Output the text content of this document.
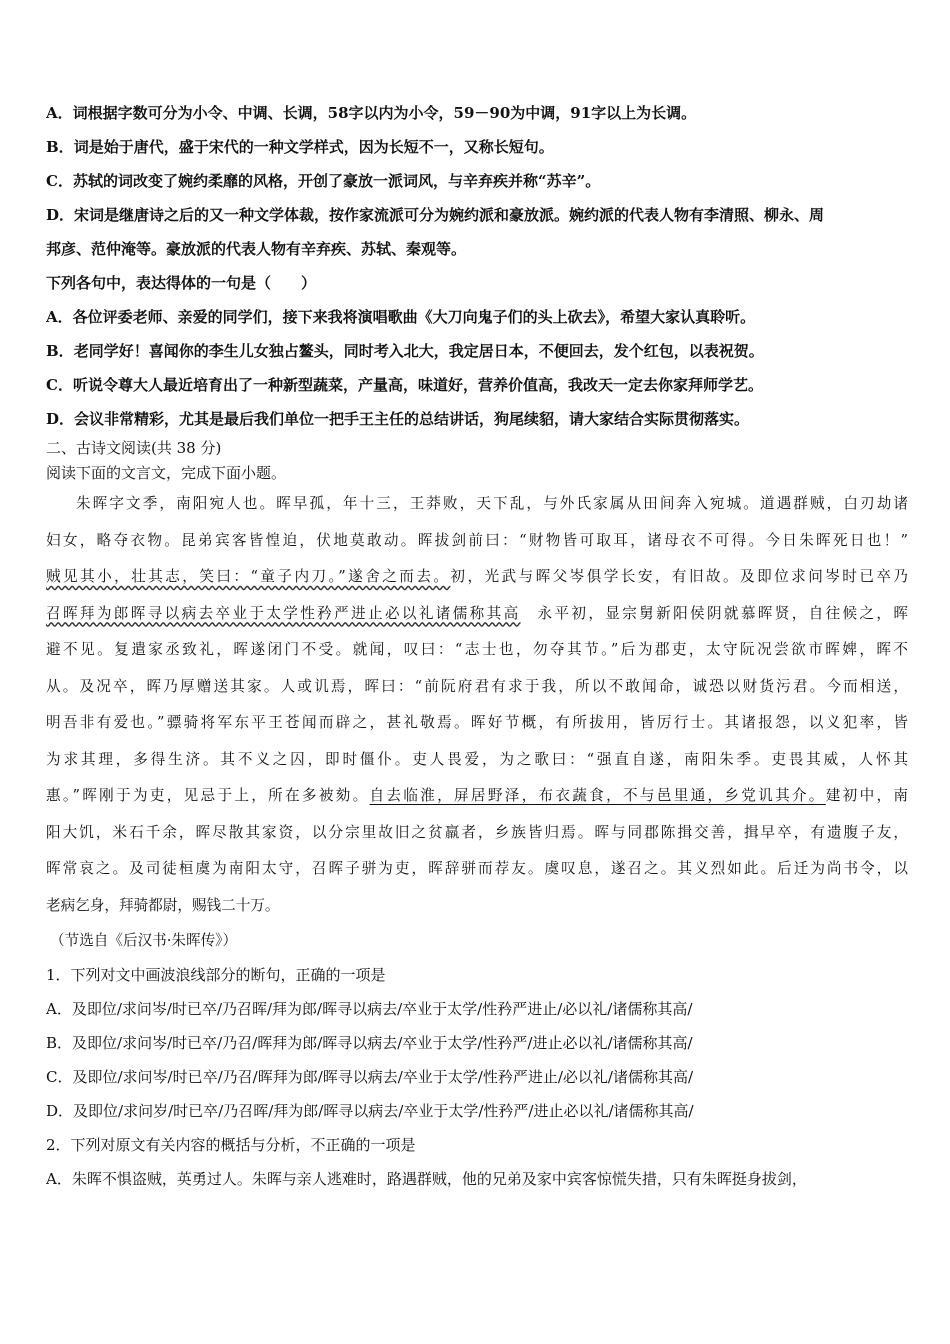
A．词根据字数可分为小令、中调、长调，58字以内为小令，59－90为中调，91字以上为长调。
B．词是始于唐代，盛于宋代的一种文学样式，因为长短不一，又称长短句。
C．苏轼的词改变了婉约柔靡的风格，开创了豪放一派词风，与辛弃疾并称“苏辛”。
D．宋词是继唐诗之后的又一种文学体裁，按作家流派可分为婉约派和豪放派。婉约派的代表人物有李清照、柳永、周
邦彦、范仲淹等。豪放派的代表人物有辛弃疾、苏轼、秦观等。
下列各句中，表达得体的一句是（　　）
A．各位评委老师、亲爱的同学们，接下来我将演唱歌曲《大刀向鬼子们的头上砍去》，希望大家认真聆听。
B．老同学好！喜闻你的李生儿女独占鳌头，同时考入北大，我定居日本，不便回去，发个红包，以表祝贺。
C．听说令尊大人最近培育出了一种新型蔬菜，产量高，味道好，营养价值高，我改天一定去你家拜师学艺。
D．会议非常精彩，尤其是最后我们单位一把手王主任的总结讲话，狗尾续貂，请大家结合实际贯彻落实。
二、古诗文阅读(共 38 分)
阅读下面的文言文，完成下面小题。
朱晖字文季，南阳宛人也。晖早孤，年十三，王莽败，天下乱，与外氏家属从田间奔入宛城。道遇群贼，白刃劫诸
妇女，略夺衣物。昆弟宾客皆惶迫，伏地莫敢动。晖拔剑前曰：“财物皆可取耳，诸母衣不可得。今日朱晖死日也！”
贼见其小，壮其志，笑曰：“童子内刀。”遂舍之而去。初，光武与晖父岑俱学长安，有旧故。及即位求问岑时已卒乃
召晖拜为郎晖寻以病去卒业于太学性矜严进止必以礼诸儒称其高　 永平初，显宗舅新阳侯阴就慕晖贤，自往候之，晖
避不见。复遣家丞致礼，晖遂闭门不受。就闻，叹曰：“志士也，勿夺其节。”后为郡吏，太守阮况尝欲市晖婢，晖不
从。及况卒，晖乃厚赠送其家。人或讥焉，晖曰：“前阮府君有求于我，所以不敢闻命，诚恐以财货污君。今而相送，
明吾非有爱也。”骠骑将军东平王苍闻而辟之，甚礼敬焉。晖好节概，有所拔用，皆厉行士。其诸报怨，以义犯率，皆
为求其理，多得生济。其不义之囚，即时僵仆。吏人畏爱，为之歌曰：“强直自遂，南阳朱季。吏畏其威，人怀其
惠。”晖刚于为吏，见忌于上，所在多被劾。自去临淮，屏居野泽，布衣蔬食，不与邑里通，乡党讥其介。建初中，南
阳大饥，米石千余，晖尽散其家资，以分宗里故旧之贫羸者，乡族皆归焉。晖与同郡陈揖交善，揖早卒，有遗腹子友，
晖常哀之。及司徒桓虞为南阳太守，召晖子骈为吏，晖辞骈而荐友。虞叹息，遂召之。其义烈如此。后迁为尚书令，以
老病乞身，拜骑都尉，赐钱二十万。
（节选自《后汉书·朱晖传》）
1．下列对文中画波浪线部分的断句，正确的一项是
A．及即位/求问岑/时已卒/乃召晖/拜为郎/晖寻以病去/卒业于太学/性矜严进止/必以礼/诸儒称其高/
B．及即位/求问岑/时已卒/乃召/晖拜为郎/晖寻以病去/卒业于太学/性矜严/进止必以礼/诸儒称其高/
C．及即位/求问岑/时已卒/乃召/晖拜为郎/晖寻以病去/卒业于太学/性矜严进止/必以礼/诸儒称其高/
D．及即位/求问岁/时已卒/乃召晖/拜为郎/晖寻以病去/卒业于太学/性矜严/进止必以礼/诸儒称其高/
2．下列对原文有关内容的概括与分析，不正确的一项是
A．朱晖不惧盗贼，英勇过人。朱晖与亲人逃难时，路遇群贼，他的兄弟及家中宾客惊慌失措，只有朱晖挺身拔剑，
